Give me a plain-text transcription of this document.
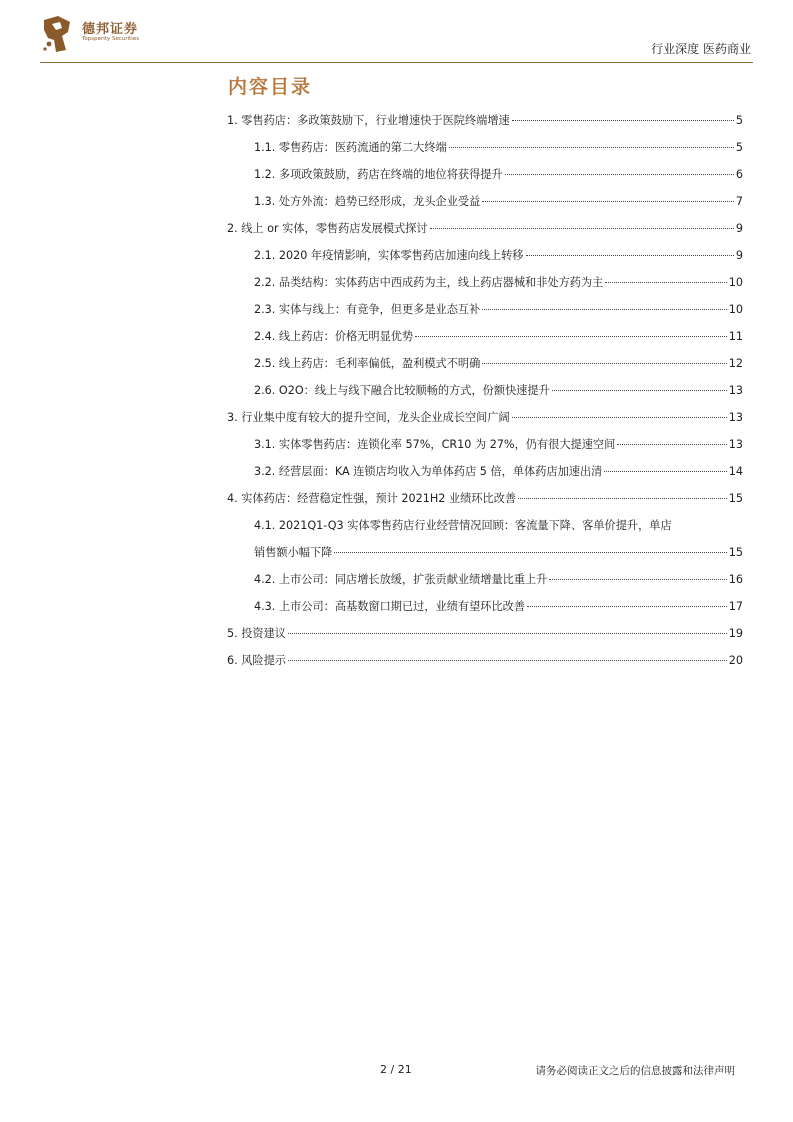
德邦证券
Topsperity Securities
行业深度 医药商业
内容目录
1. 零售药店：多政策鼓励下，行业增速快于医院终端增速	5
1.1. 零售药店：医药流通的第二大终端	5
1.2. 多项政策鼓励，药店在终端的地位将获得提升	6
1.3. 处方外流：趋势已经形成，龙头企业受益	7
2. 线上 or 实体，零售药店发展模式探讨	9
2.1. 2020 年疫情影响，实体零售药店加速向线上转移	9
2.2. 品类结构：实体药店中西成药为主，线上药店器械和非处方药为主	10
2.3. 实体与线上：有竞争，但更多是业态互补	10
2.4. 线上药店：价格无明显优势	11
2.5. 线上药店：毛利率偏低，盈利模式不明确	12
2.6. O2O：线上与线下融合比较顺畅的方式，份额快速提升	13
3. 行业集中度有较大的提升空间，龙头企业成长空间广阔	13
3.1. 实体零售药店：连锁化率 57%，CR10 为 27%，仍有很大提速空间	13
3.2. 经营层面：KA 连锁店均收入为单体药店 5 倍，单体药店加速出清	14
4. 实体药店：经营稳定性强，预计 2021H2 业绩环比改善	15
4.1. 2021Q1-Q3 实体零售药店行业经营情况回顾：客流量下降、客单价提升，单店
销售额小幅下降	15
4.2. 上市公司：同店增长放缓，扩张贡献业绩增量比重上升	16
4.3. 上市公司：高基数窗口期已过，业绩有望环比改善	17
5. 投资建议	19
6. 风险提示	20
2 / 21	请务必阅读正文之后的信息披露和法律声明
